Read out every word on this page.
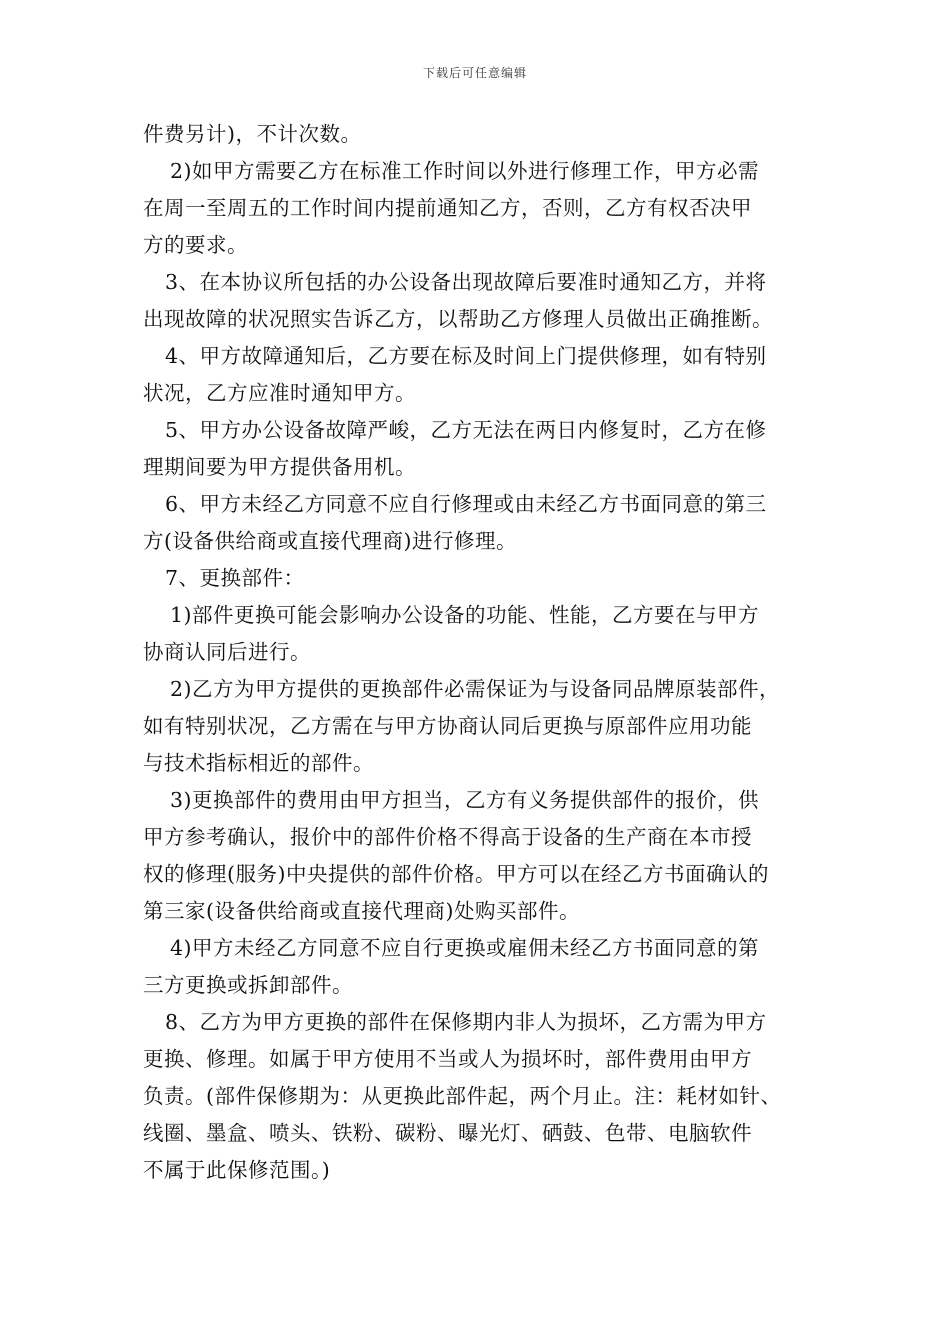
下载后可任意编辑
件费另计)，不计次数。
2)如甲方需要乙方在标准工作时间以外进行修理工作，甲方必需
在周一至周五的工作时间内提前通知乙方，否则，乙方有权否决甲
方的要求。
3、在本协议所包括的办公设备出现故障后要准时通知乙方，并将
出现故障的状况照实告诉乙方，以帮助乙方修理人员做出正确推断。
4、甲方故障通知后，乙方要在标及时间上门提供修理，如有特别
状况，乙方应准时通知甲方。
5、甲方办公设备故障严峻，乙方无法在两日内修复时，乙方在修
理期间要为甲方提供备用机。
6、甲方未经乙方同意不应自行修理或由未经乙方书面同意的第三
方(设备供给商或直接代理商)进行修理。
7、更换部件：
1)部件更换可能会影响办公设备的功能、性能，乙方要在与甲方
协商认同后进行。
2)乙方为甲方提供的更换部件必需保证为与设备同品牌原装部件，
如有特别状况，乙方需在与甲方协商认同后更换与原部件应用功能
与技术指标相近的部件。
3)更换部件的费用由甲方担当，乙方有义务提供部件的报价，供
甲方参考确认，报价中的部件价格不得高于设备的生产商在本市授
权的修理(服务)中央提供的部件价格。甲方可以在经乙方书面确认的
第三家(设备供给商或直接代理商)处购买部件。
4)甲方未经乙方同意不应自行更换或雇佣未经乙方书面同意的第
三方更换或拆卸部件。
8、乙方为甲方更换的部件在保修期内非人为损坏，乙方需为甲方
更换、修理。如属于甲方使用不当或人为损坏时，部件费用由甲方
负责。(部件保修期为：从更换此部件起，两个月止。注：耗材如针、
线圈、墨盒、喷头、铁粉、碳粉、曝光灯、硒鼓、色带、电脑软件
不属于此保修范围。)
